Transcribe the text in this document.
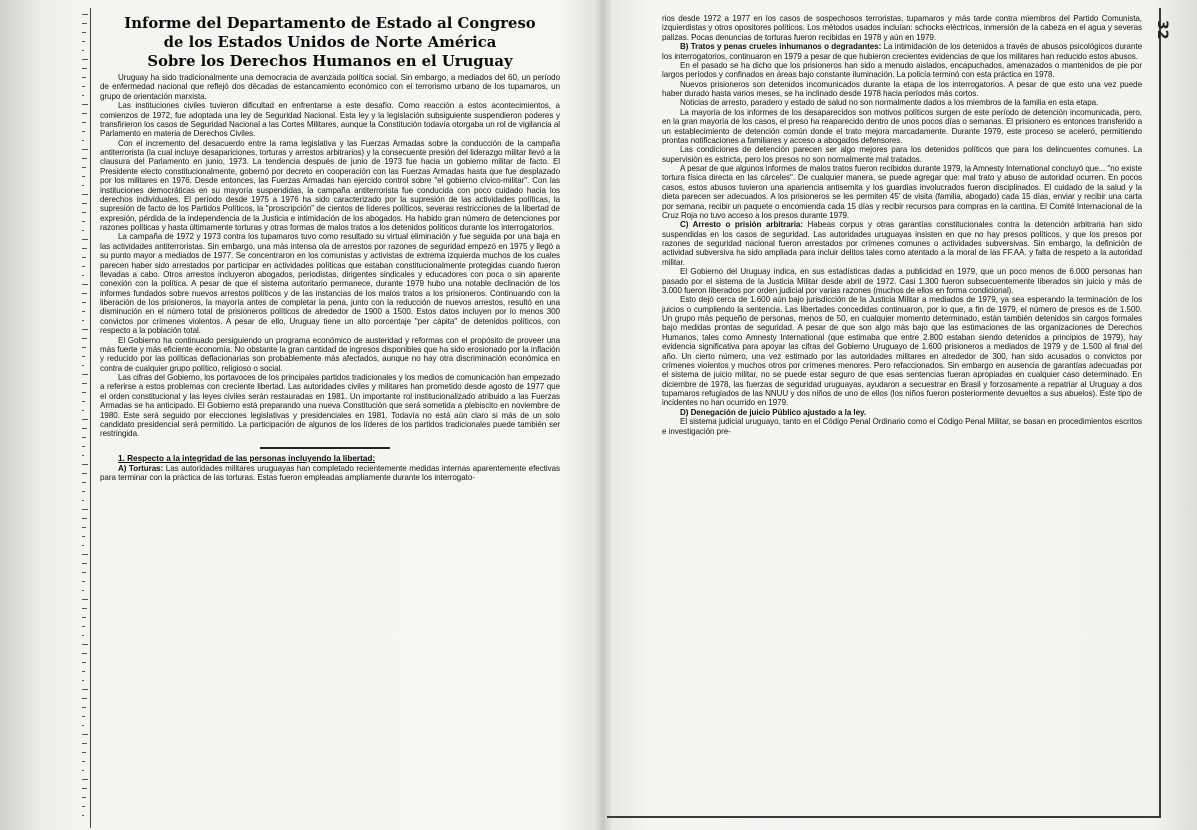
32
Informe del Departamento de Estado al Congreso
de los Estados Unidos de Norte América
Sobre los Derechos Humanos en el Uruguay

Uruguay ha sido tradicionalmente una democracia de avanzada política social. Sin embargo, a mediados del 60, un período de enfermedad nacional que reflejó dos décadas de estancamiento económico con el terrorismo urbano de los tupamaros, un grupo de orientación marxista.

Las instituciones civiles tuvieron dificultad en enfrentarse a este desafío. Como reacción a estos acontecimientos, a comienzos de 1972, fue adoptada una ley de Seguridad Nacional. Esta ley y la legislación subsiguiente suspendieron poderes y transfirieron los casos de Seguridad Nacional a las Cortes Militares, aunque la Constitución todavía otorgaba un rol de vigilancia al Parlamento en materia de Derechos Civiles.

Con el incremento del desacuerdo entre la rama legislativa y las Fuerzas Armadas sobre la conducción de la campaña antiterrorista (la cual incluye desapariciones, torturas y arrestos arbitrarios) y la consecuente presión del liderazgo militar llevó a la clausura del Parlamento en junio, 1973. La tendencia después de junio de 1973 fue hacia un gobierno militar de facto. El Presidente electo constitucionalmente, gobernó por decreto en cooperación con las Fuerzas Armadas hasta que fue desplazado por los militares en 1976. Desde entonces, las Fuerzas Armadas han ejercido control sobre "el gobierno cívico-militar". Con las instituciones democráticas en su mayoría suspendidas, la campaña antiterrorista fue conducida con poco cuidado hacia los derechos individuales. El período desde 1975 a 1976 ha sido caracterizado por la supresión de las actividades políticas, la supresión de facto de los Partidos Políticos, la "proscripción" de cientos de líderes políticos, severas restricciones de la libertad de expresión, pérdida de la independencia de la Justicia e intimidación de los abogados. Ha habido gran número de detenciones por razones políticas y hasta últimamente torturas y otras formas de malos tratos a los detenidos políticos durante los interrogatorios.

La campaña de 1972 y 1973 contra los tupamaros tuvo como resultado su virtual eliminación y fue seguida por una baja en las actividades antiterroristas. Sin embargo, una más intensa ola de arrestos por razones de seguridad empezó en 1975 y llegó a su punto mayor a mediados de 1977. Se concentraron en los comunistas y activistas de extrema izquierda muchos de los cuales parecen haber sido arrestados por participar en actividades políticas que estaban constitucionalmente protegidas cuando fueron llevadas a cabo. Otros arrestos incluyeron abogados, periodistas, dirigentes sindicales y educadores con poca o sin aparente conexión con la política. A pesar de que el sistema autoritario permanece, durante 1979 hubo una notable declinación de los informes fundados sobre nuevos arrestos políticos y de las instancias de los malos tratos a los prisioneros. Continuando con la liberación de los prisioneros, la mayoría antes de completar la pena, junto con la reducción de nuevos arrestos, resultó en una disminución en el número total de prisioneros políticos de alrededor de 1900 a 1500. Estos datos incluyen por lo menos 300 convictos por crímenes violentos. A pesar de ello, Uruguay tiene un alto porcentaje "per cápita" de detenidos políticos, con respecto a la población total.

El Gobierno ha continuado persiguiendo un programa económico de austeridad y reformas con el propósito de proveer una más fuerte y más eficiente economía. No obstante la gran cantidad de ingresos disponibles que ha sido erosionado por la inflación y reducido por las políticas deflacionarias son probablemente más afectados, aunque no hay otra discriminación económica en contra de cualquier grupo político, religioso o social.

Las cifras del Gobierno, los portavoces de los principales partidos tradicionales y los medios de comunicación han empezado a referirse a estos problemas con creciente libertad. Las autoridades civiles y militares han prometido desde agosto de 1977 que el orden constitucional y las leyes civiles serán restauradas en 1981. Un importante rol institucionalizado atribuido a las Fuerzas Armadas se ha anticipado. El Gobierno está preparando una nueva Constitución que será sometida a plebiscito en noviembre de 1980. Este será seguido por elecciones legislativas y presidenciales en 1981. Todavía no está aún claro si más de un solo candidato presidencial será permitido. La participación de algunos de los líderes de los partidos tradicionales puede también ser restringida.

1. Respecto a la integridad de las personas incluyendo la libertad:

A) Torturas: Las autoridades militares uruguayas han completado recientemente medidas internas aparentemente efectivas para terminar con la práctica de las torturas. Estas fueron empleadas ampliamente durante los interrogato-

rios desde 1972 a 1977 en los casos de sospechosos terroristas, tupamaros y más tarde contra miembros del Partido Comunista, izquierdistas y otros opositores políticos. Los métodos usados incluían: schocks eléctricos, inmersión de la cabeza en el agua y severas palizas. Pocas denuncias de torturas fueron recibidas en 1978 y aún en 1979.

B) Tratos y penas crueles inhumanos o degradantes: La intimidación de los detenidos a través de abusos psicológicos durante los interrogatorios, continuaron en 1979 a pesar de que hubieron crecientes evidencias de que los militares han reducido estos abusos.

En el pasado se ha dicho que los prisioneros han sido a menudo aislados, encapuchados, amenazados o mantenidos de pie por largos períodos y confinados en áreas bajo constante iluminación. La policía terminó con esta práctica en 1978.

Nuevos prisioneros son detenidos incomunicados durante la etapa de los interrogatorios. A pesar de que esto una vez puede haber durado hasta varios meses, se ha inclinado desde 1978 hacia períodos más cortos.

Noticias de arresto, paradero y estado de salud no son normalmente dados a los miembros de la familia en esta etapa.

La mayoría de los informes de los desaparecidos son motivos políticos surgen de este período de detención incomunicada, pero, en la gran mayoría de los casos, el preso ha reaparecido dentro de unos pocos días o semanas. El prisionero es entonces transferido a un establecimiento de detención común donde el trato mejora marcadamente. Durante 1979, este proceso se aceleró, permitiendo prontas notificaciones a familiares y acceso a abogados defensores.

Las condiciones de detención parecen ser algo mejores para los detenidos políticos que para los delincuentes comunes. La supervisión es estricta, pero los presos no son normalmente mal tratados.

A pesar de que algunos informes de malos tratos fueron recibidos durante 1979, la Amnesty International concluyó que... "no existe tortura física directa en las cárceles". De cualquier manera, se puede agregar que: mal trato y abuso de autoridad ocurren. En pocos casos, estos abusos tuvieron una apariencia antisemita y los guardias involucrados fueron disciplinados. El cuidado de la salud y la dieta parecen ser adecuados. A los prisioneros se les permiten 45' de visita (familia, abogado) cada 15 días, enviar y recibir una carta por semana, recibir un paquete o encomienda cada 15 días y recibir recursos para compras en la cantina. El Comité Internacional de la Cruz Roja no tuvo acceso a los presos durante 1979.

C) Arresto o prisión arbitraria: Habeas corpus y otras garantías constitucionales contra la detención arbitraria han sido suspendidas en los casos de seguridad. Las autoridades uruguayas insisten en que no hay presos políticos, y que los presos por razones de seguridad nacional fueron arrestados por crímenes comunes o actividades subversivas. Sin embargo, la definición de actividad subversiva ha sido ampliada para incluir delitos tales como atentado a la moral de las FF.AA. y falta de respeto a la autoridad militar.

El Gobierno del Uruguay indica, en sus estadísticas dadas a publicidad en 1979, que un poco menos de 6.000 personas han pasado por el sistema de la Justicia Militar desde abril de 1972. Casi 1.300 fueron subsecuentemente liberados sin juicio y más de 3.000 fueron liberados por orden judicial por varias razones (muchos de ellos en forma condicional).

Esto dejó cerca de 1.600 aún bajo jurisdicción de la Justicia Militar a mediados de 1979, ya sea esperando la terminación de los juicios o cumpliendo la sentencia. Las libertades concedidas continuaron, por lo que, a fin de 1979, el número de presos es de 1.500. Un grupo más pequeño de personas, menos de 50, en cualquier momento determinado, están también detenidos sin cargos formales bajo medidas prontas de seguridad. A pesar de que son algo más bajo que las estimaciones de las organizaciones de Derechos Humanos, tales como Amnesty International (que estimaba que entre 2.800 estaban siendo detenidos a principios de 1979), hay evidencia significativa para apoyar las cifras del Gobierno Uruguayo de 1.600 prisioneros a mediados de 1979 y de 1.500 al final del año. Un cierto número, una vez estimado por las autoridades militares en alrededor de 300, han sido acusados o convictos por crímenes violentos y muchos otros por crímenes menores. Pero refaccionados. Sin embargo en ausencia de garantías adecuadas por el sistema de juicio militar, no se puede estar seguro de que esas sentencias fueran apropiadas en cualquier caso determinado. En diciembre de 1978, las fuerzas de seguridad uruguayas, ayudaron a secuestrar en Brasil y forzosamente a repatriar al Uruguay a dos tupamaros refugiados de las NNUU y dos niños de uno de ellos (los niños fueron posteriormente devueltos a sus abuelos). Este tipo de incidentes no han ocurrido en 1979.

D) Denegación de juicio Público ajustado a la ley.

El sistema judicial uruguayo, tanto en el Código Penal Ordinario como el Código Penal Militar, se basan en procedimientos escritos e investigación pre-
